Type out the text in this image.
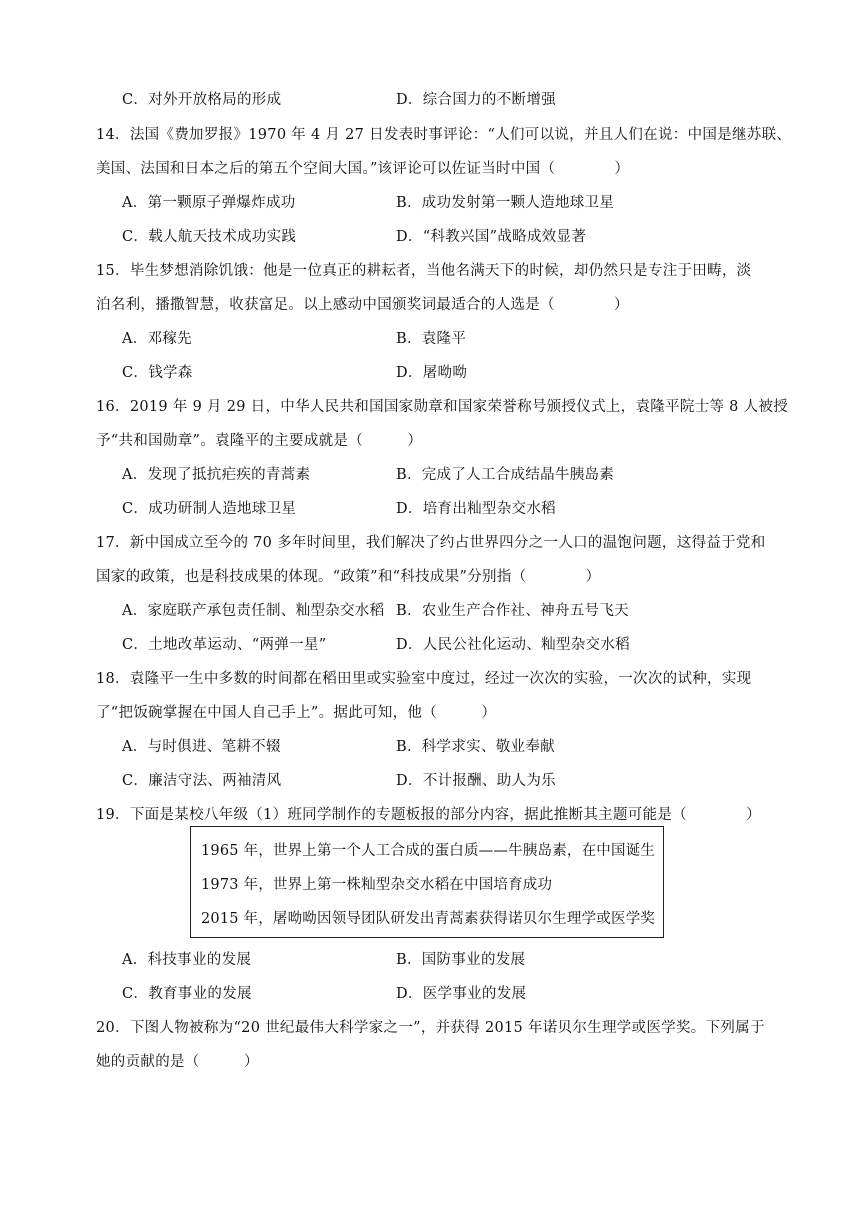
C．对外开放格局的形成	D．综合国力的不断增强
14．法国《费加罗报》1970 年 4 月 27 日发表时事评论：“人们可以说，并且人们在说：中国是继苏联、
美国、法国和日本之后的第五个空间大国。”该评论可以佐证当时中国（　　　　）
A．第一颗原子弹爆炸成功	B．成功发射第一颗人造地球卫星
C．载人航天技术成功实践	D．“科教兴国”战略成效显著
15．毕生梦想消除饥饿：他是一位真正的耕耘者，当他名满天下的时候，却仍然只是专注于田畴，淡
泊名利，播撒智慧，收获富足。以上感动中国颁奖词最适合的人选是（　　　　）
A．邓稼先	B．袁隆平
C．钱学森	D．屠呦呦
16．2019 年 9 月 29 日，中华人民共和国国家勋章和国家荣誉称号颁授仪式上，袁隆平院士等 8 人被授
予“共和国勋章”。袁隆平的主要成就是（　　　）
A．发现了抵抗疟疾的青蒿素	B．完成了人工合成结晶牛胰岛素
C．成功研制人造地球卫星	D．培育出籼型杂交水稻
17．新中国成立至今的 70 多年时间里，我们解决了约占世界四分之一人口的温饱问题，这得益于党和
国家的政策，也是科技成果的体现。“政策”和“科技成果”分别指（　　　　）
A．家庭联产承包责任制、籼型杂交水稻 B．农业生产合作社、神舟五号飞天
C．土地改革运动、“两弹一星”	D．人民公社化运动、籼型杂交水稻
18．袁隆平一生中多数的时间都在稻田里或实验室中度过，经过一次次的实验，一次次的试种，实现
了“把饭碗掌握在中国人自己手上”。据此可知，他（　　　）
A．与时俱进、笔耕不辍	B．科学求实、敬业奉献
C．廉洁守法、两袖清风	D．不计报酬、助人为乐
19．下面是某校八年级（1）班同学制作的专题板报的部分内容，据此推断其主题可能是（　　　　）
1965 年，世界上第一个人工合成的蛋白质——牛胰岛素，在中国诞生
1973 年，世界上第一株籼型杂交水稻在中国培育成功
2015 年，屠呦呦因领导团队研发出青蒿素获得诺贝尔生理学或医学奖
A．科技事业的发展	B．国防事业的发展
C．教育事业的发展	D．医学事业的发展
20．下图人物被称为“20 世纪最伟大科学家之一”，并获得 2015 年诺贝尔生理学或医学奖。下列属于
她的贡献的是（　　　）
